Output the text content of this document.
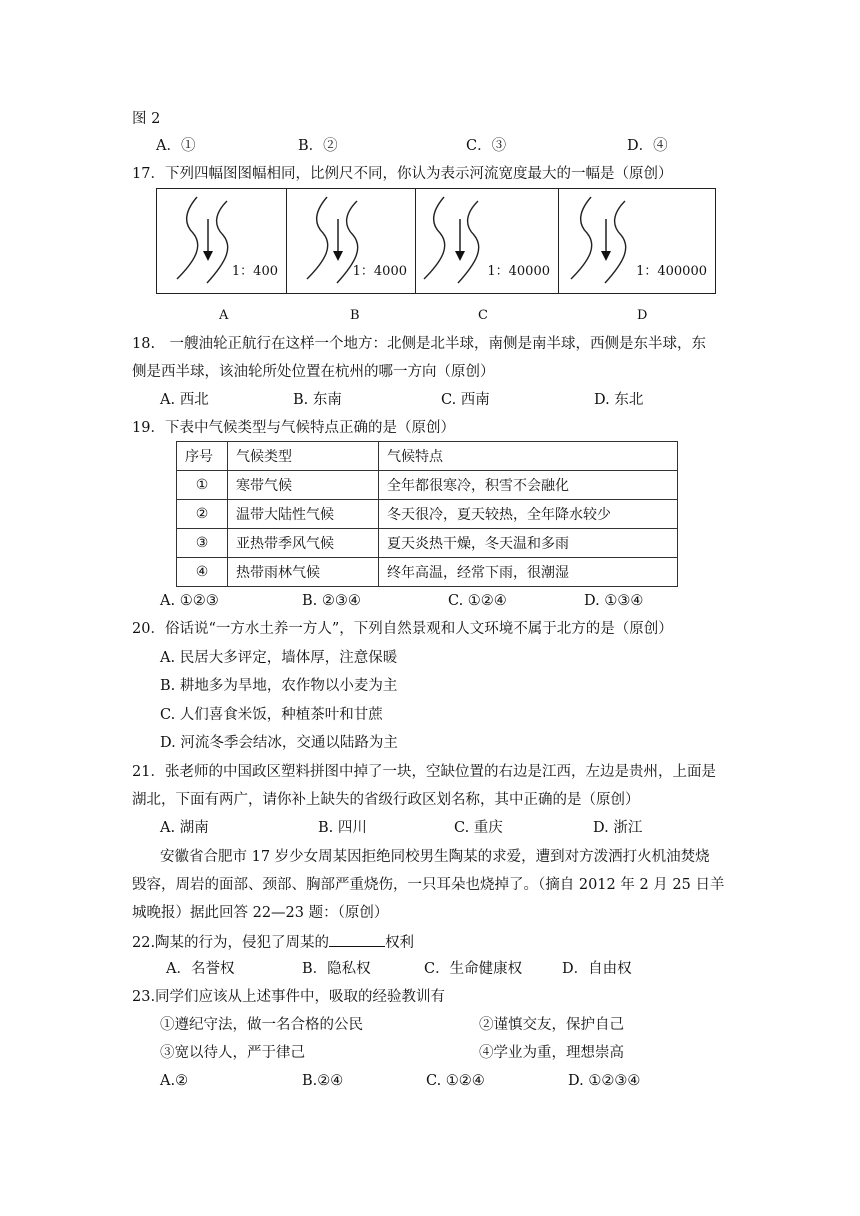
图 2
A．①	B．②	C．③	D．④
17．下列四幅图图幅相同，比例尺不同，你认为表示河流宽度最大的一幅是（原创）
1：400	1：4000	1：40000	1：400000
A	B	C	D
18.　一艘油轮正航行在这样一个地方：北侧是北半球，南侧是南半球，西侧是东半球，东
侧是西半球，该油轮所处位置在杭州的哪一方向（原创）
A. 西北	B. 东南	C. 西南	D. 东北
19．下表中气候类型与气候特点正确的是（原创）
序号	气候类型	气候特点
①	寒带气候	全年都很寒冷，积雪不会融化
②	温带大陆性气候	冬天很冷，夏天较热，全年降水较少
③	亚热带季风气候	夏天炎热干燥，冬天温和多雨
④	热带雨林气候	终年高温，经常下雨，很潮湿
A. ①②③	B. ②③④	C. ①②④	D. ①③④
20．俗话说“一方水土养一方人”，下列自然景观和人文环境不属于北方的是（原创）
A. 民居大多评定，墙体厚，注意保暖
B. 耕地多为旱地，农作物以小麦为主
C. 人们喜食米饭，种植茶叶和甘蔗
D. 河流冬季会结冰，交通以陆路为主
21．张老师的中国政区塑料拼图中掉了一块，空缺位置的右边是江西，左边是贵州，上面是
湖北，下面有两广，请你补上缺失的省级行政区划名称，其中正确的是（原创）
A. 湖南	B. 四川	C. 重庆	D. 浙江
安徽省合肥市 17 岁少女周某因拒绝同校男生陶某的求爱，遭到对方泼洒打火机油焚烧
毁容，周岩的面部、颈部、胸部严重烧伤，一只耳朵也烧掉了。（摘自 2012 年 2 月 25 日羊
城晚报）据此回答 22—23 题：（原创）
22.陶某的行为，侵犯了周某的	权利
A．名誉权	B．隐私权	C．生命健康权	D．自由权
23.同学们应该从上述事件中，吸取的经验教训有
①遵纪守法，做一名合格的公民	②谨慎交友，保护自己
③宽以待人，严于律己	④学业为重，理想崇高
A.②	B.②④	C. ①②④	D. ①②③④
